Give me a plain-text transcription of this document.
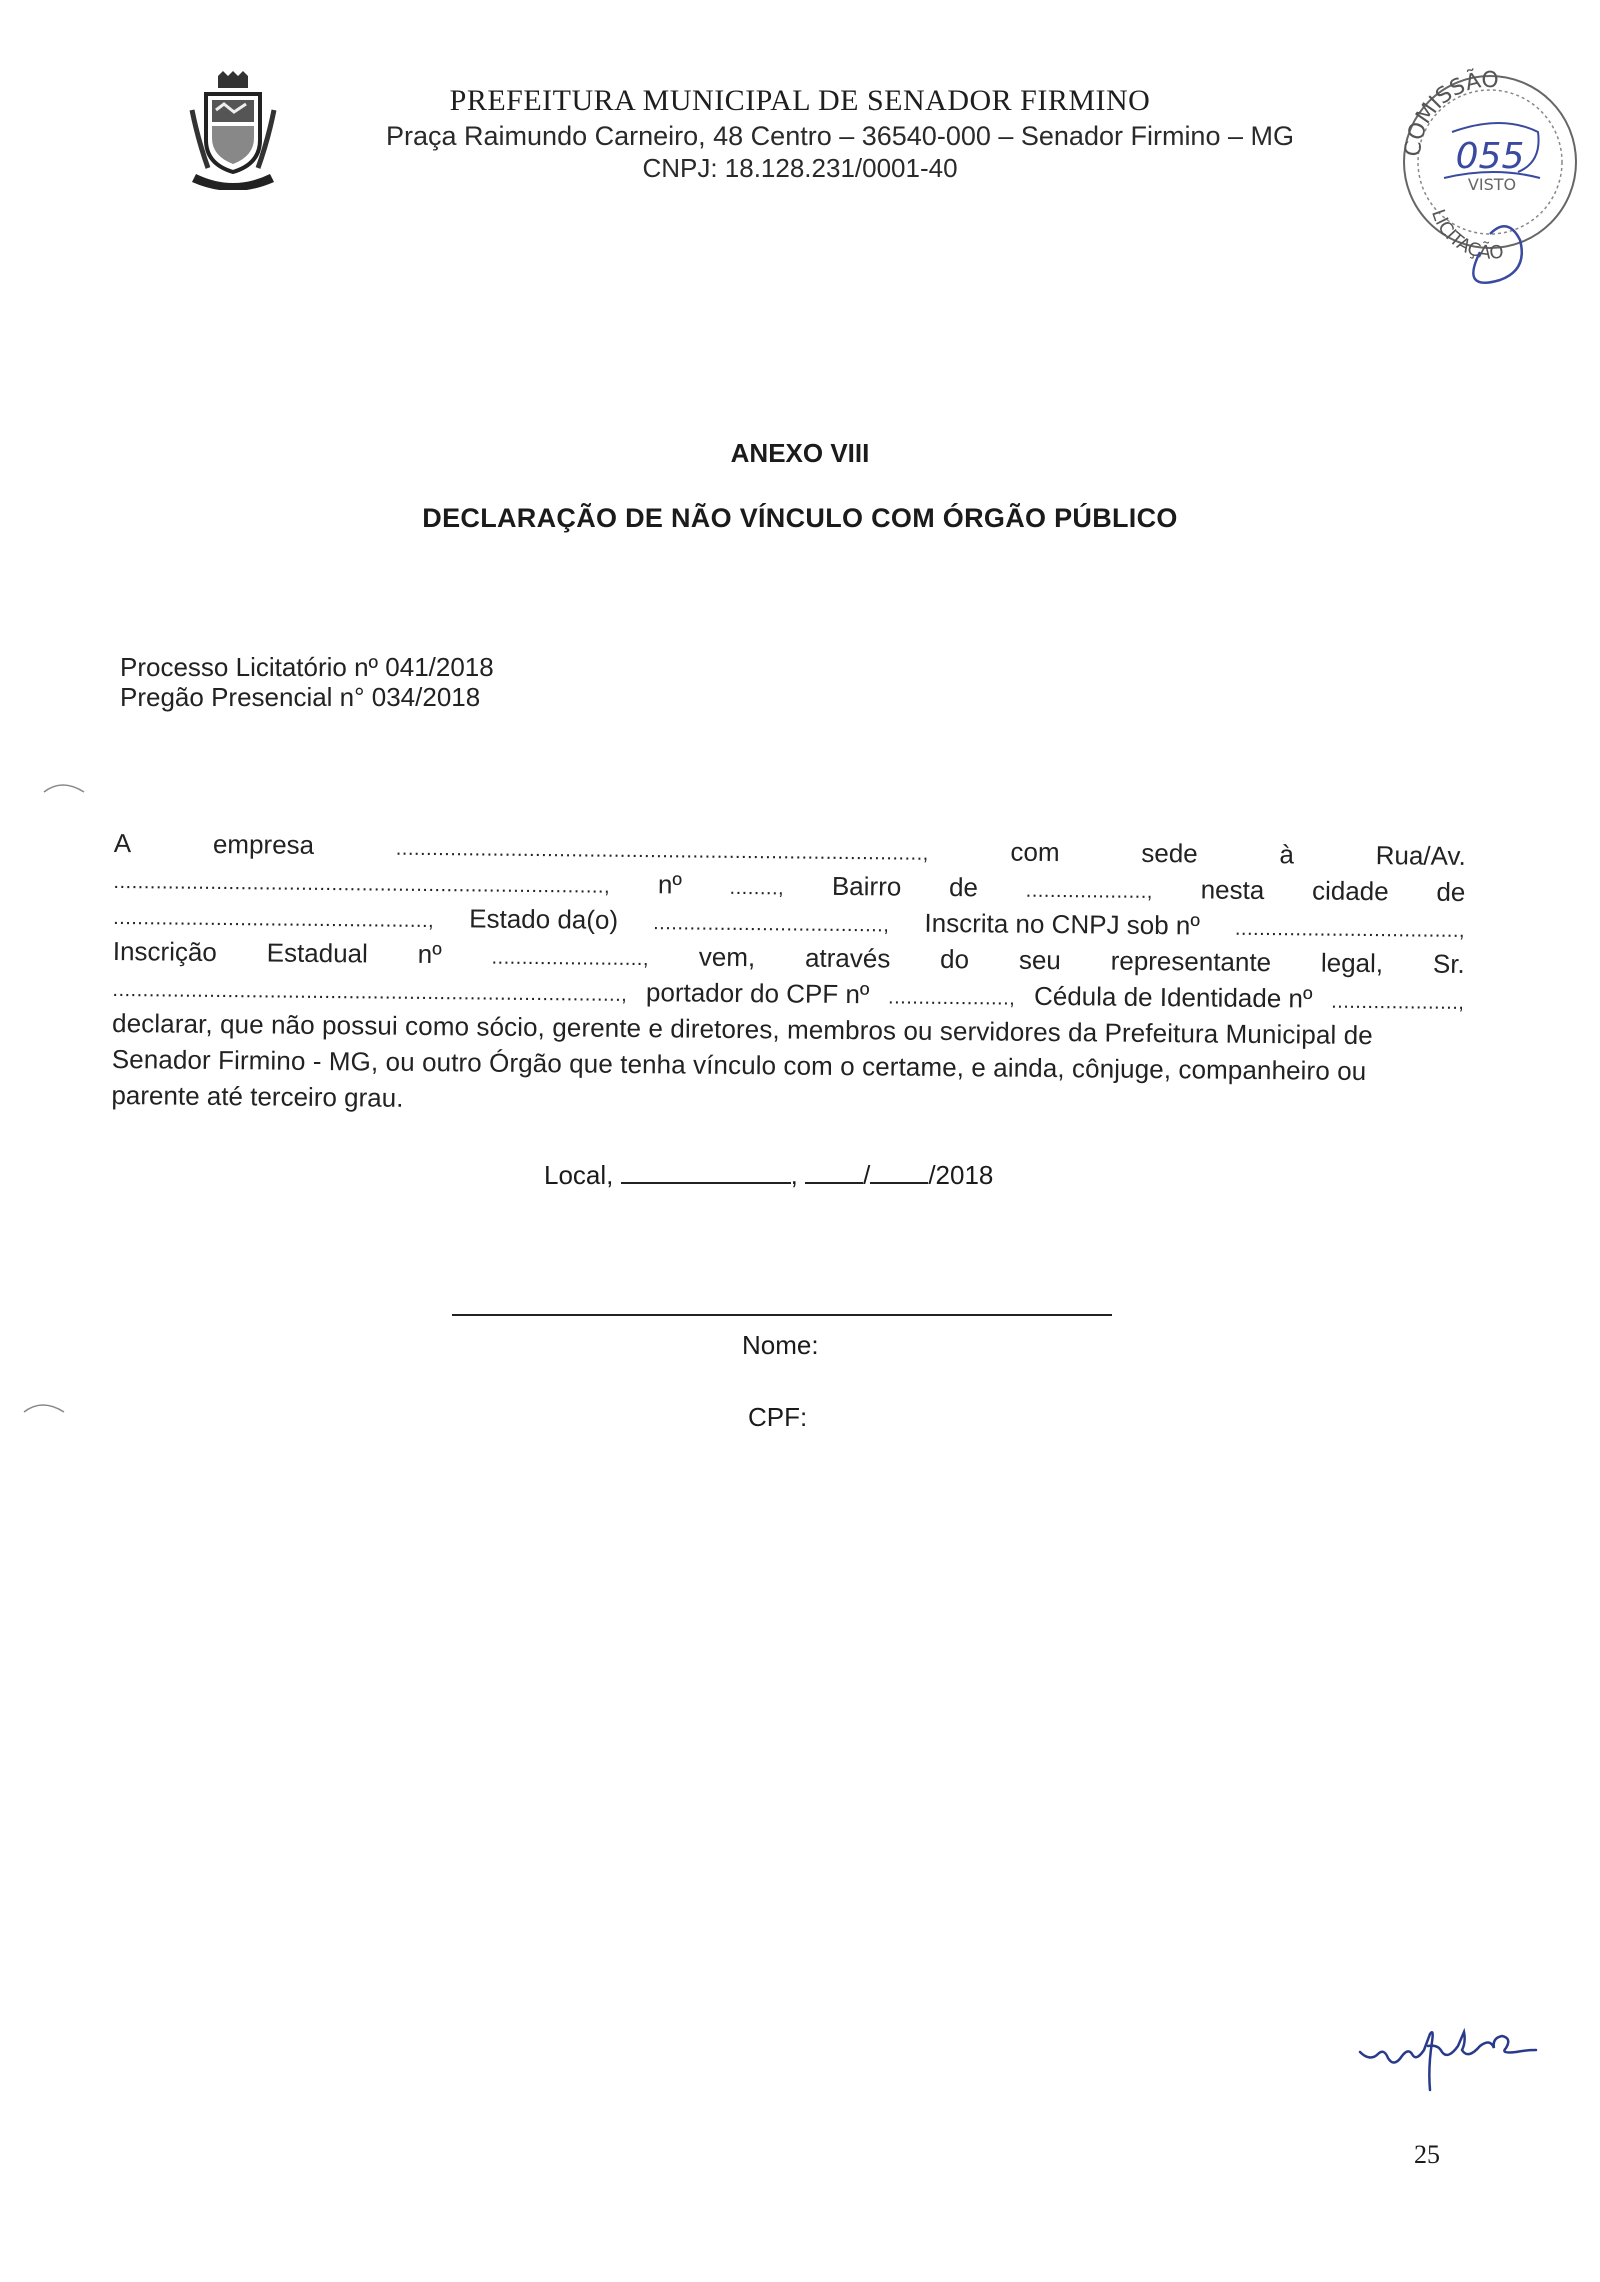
PREFEITURA MUNICIPAL DE SENADOR FIRMINO
Praça Raimundo Carneiro, 48 Centro – 36540-000 – Senador Firmino – MG
CNPJ: 18.128.231/0001-40
COMISSÃO
LICITAÇÃO
VISTO
055
ANEXO VIII
DECLARAÇÃO DE NÃO VÍNCULO COM ÓRGÃO PÚBLICO
Processo Licitatório nº 041/2018
Pregão Presencial n° 034/2018
A	empresa	.......................................................................................,	com	sede	à	Rua/Av.
................................................................................., nº ........, Bairro de ...................., nesta cidade de
...................................................., Estado da(o) ......................................, Inscrita no CNPJ sob nº .....................................,
Inscrição Estadual nº ........................., vem, através do seu representante legal, Sr.
...................................................................................., portador do CPF nº ...................., Cédula de Identidade nº .....................,
declarar, que não possui como sócio, gerente e diretores, membros ou servidores da Prefeitura Municipal de
Senador Firmino - MG, ou outro Órgão que tenha vínculo com o certame, e ainda, cônjuge, companheiro ou
parente até terceiro grau.
Local,	, / /2018
Nome:
CPF:
25
